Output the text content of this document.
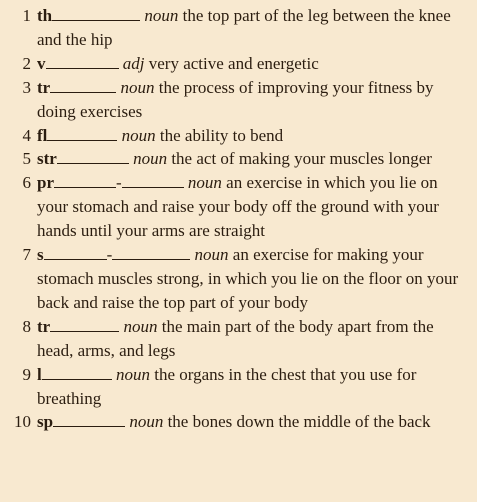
1 th	noun the top part of the leg between the knee and the hip
2 v	adj very active and energetic
3 tr	noun the process of improving your fitness by doing exercises
4 fl	noun the ability to bend
5 str	noun the act of making your muscles longer
6 pr	-	noun an exercise in which you lie on your stomach and raise your body off the ground with your hands until your arms are straight
7 s	-	noun an exercise for making your stomach muscles strong, in which you lie on the floor on your back and raise the top part of your body
8 tr	noun the main part of the body apart from the head, arms, and legs
9 l	noun the organs in the chest that you use for breathing
10 sp	noun the bones down the middle of the back
